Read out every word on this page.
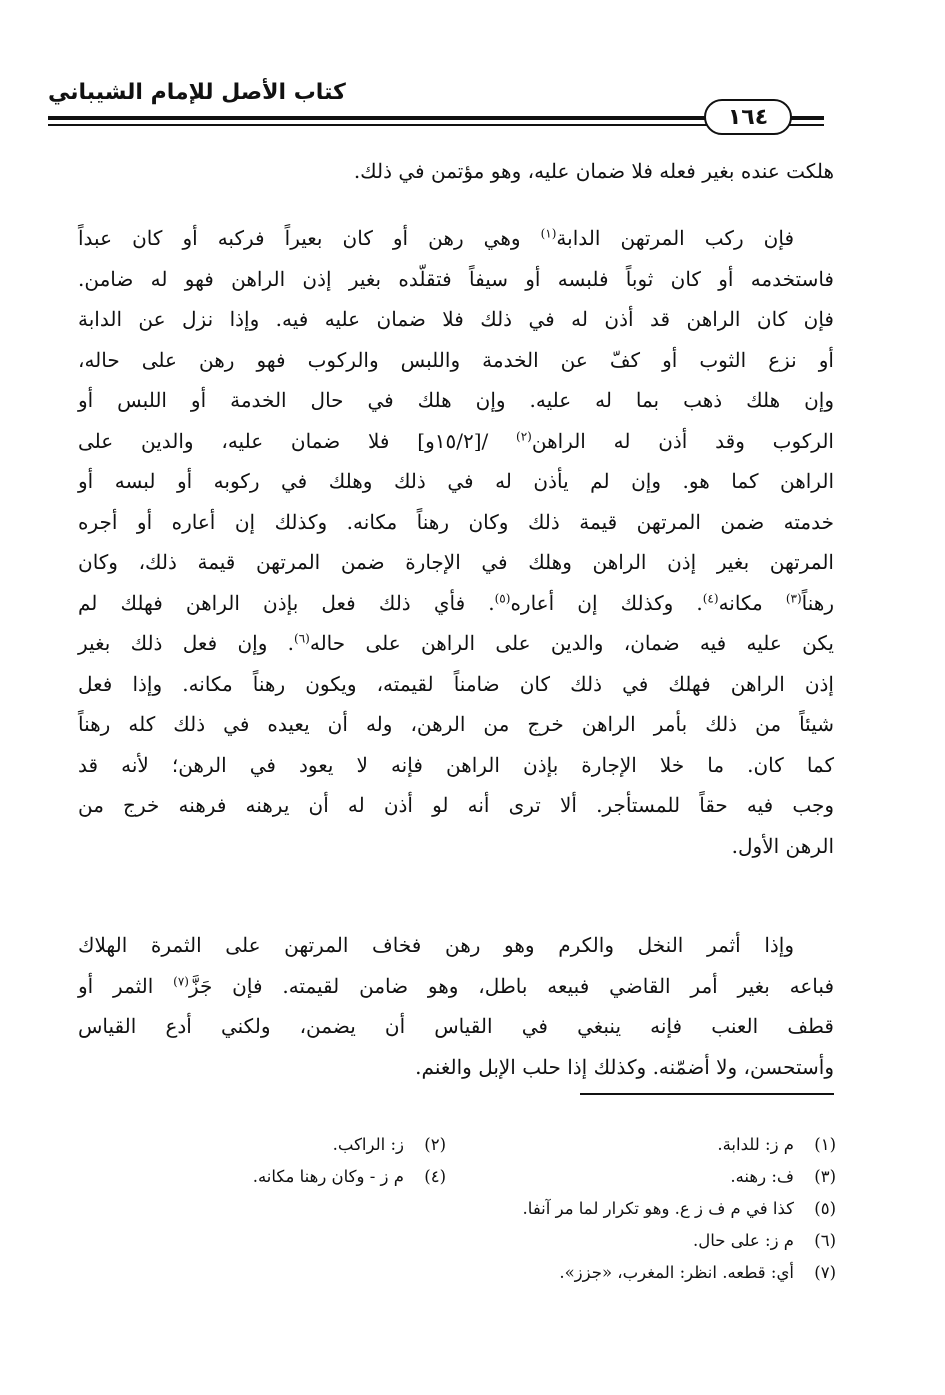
كتاب الأصل للإمام الشيباني
١٦٤

هلكت عنده بغير فعله فلا ضمان عليه، وهو مؤتمن في ذلك.

فإن ركب المرتهن الدابة$^{(١)}$ وهي رهن أو كان بعيراً فركبه أو كان عبداً
فاستخدمه أو كان ثوباً فلبسه أو سيفاً فتقلّده بغير إذن الراهن فهو له ضامن.
فإن كان الراهن قد أذن له في ذلك فلا ضمان عليه فيه. وإذا نزل عن الدابة
أو نزع الثوب أو كفّ عن الخدمة واللبس والركوب فهو رهن على حاله،
وإن هلك ذهب بما له عليه. وإن هلك في حال الخدمة أو اللبس أو
الركوب وقد أذن له الراهن$^{(٢)}$ /[١٥/٢و] فلا ضمان عليه، والدين على
الراهن كما هو. وإن لم يأذن له في ذلك وهلك في ركوبه أو لبسه أو
خدمته ضمن المرتهن قيمة ذلك وكان رهناً مكانه. وكذلك إن أعاره أو أجره
المرتهن بغير إذن الراهن وهلك في الإجارة ضمن المرتهن قيمة ذلك، وكان
رهناً$^{(٣)}$ مكانه$^{(٤)}$. وكذلك إن أعاره$^{(٥)}$. فأي ذلك فعل بإذن الراهن فهلك لم
يكن عليه فيه ضمان، والدين على الراهن على حاله$^{(٦)}$. وإن فعل ذلك بغير
إذن الراهن فهلك في ذلك كان ضامناً لقيمته، ويكون رهناً مكانه. وإذا فعل
شيئاً من ذلك بأمر الراهن خرج من الرهن، وله أن يعيده في ذلك كله رهناً
كما كان. ما خلا الإجارة بإذن الراهن فإنه لا يعود في الرهن؛ لأنه قد
وجب فيه حقاً للمستأجر. ألا ترى أنه لو أذن له أن يرهنه فرهنه خرج من
الرهن الأول.
وإذا أثمر النخل والكرم وهو رهن فخاف المرتهن على الثمرة الهلاك
فباعه بغير أمر القاضي فبيعه باطل، وهو ضامن لقيمته. فإن جَزَّ$^{(٧)}$ الثمر أو
قطف العنب فإنه ينبغي في القياس أن يضمن، ولكني أدع القياس
وأستحسن، ولا أضمّنه. وكذلك إذا حلب الإبل والغنم.
(١)
م ز: للدابة.
(٢)
ز: الراكب.
(٣)
ف: رهنه.
(٤)
م ز - وكان رهنا مكانه.
(٥)
كذا في م ف ز ع. وهو تكرار لما مر آنفا.
(٦)
م ز: على حال.
(٧)
أي: قطعه. انظر: المغرب، «جزز».
